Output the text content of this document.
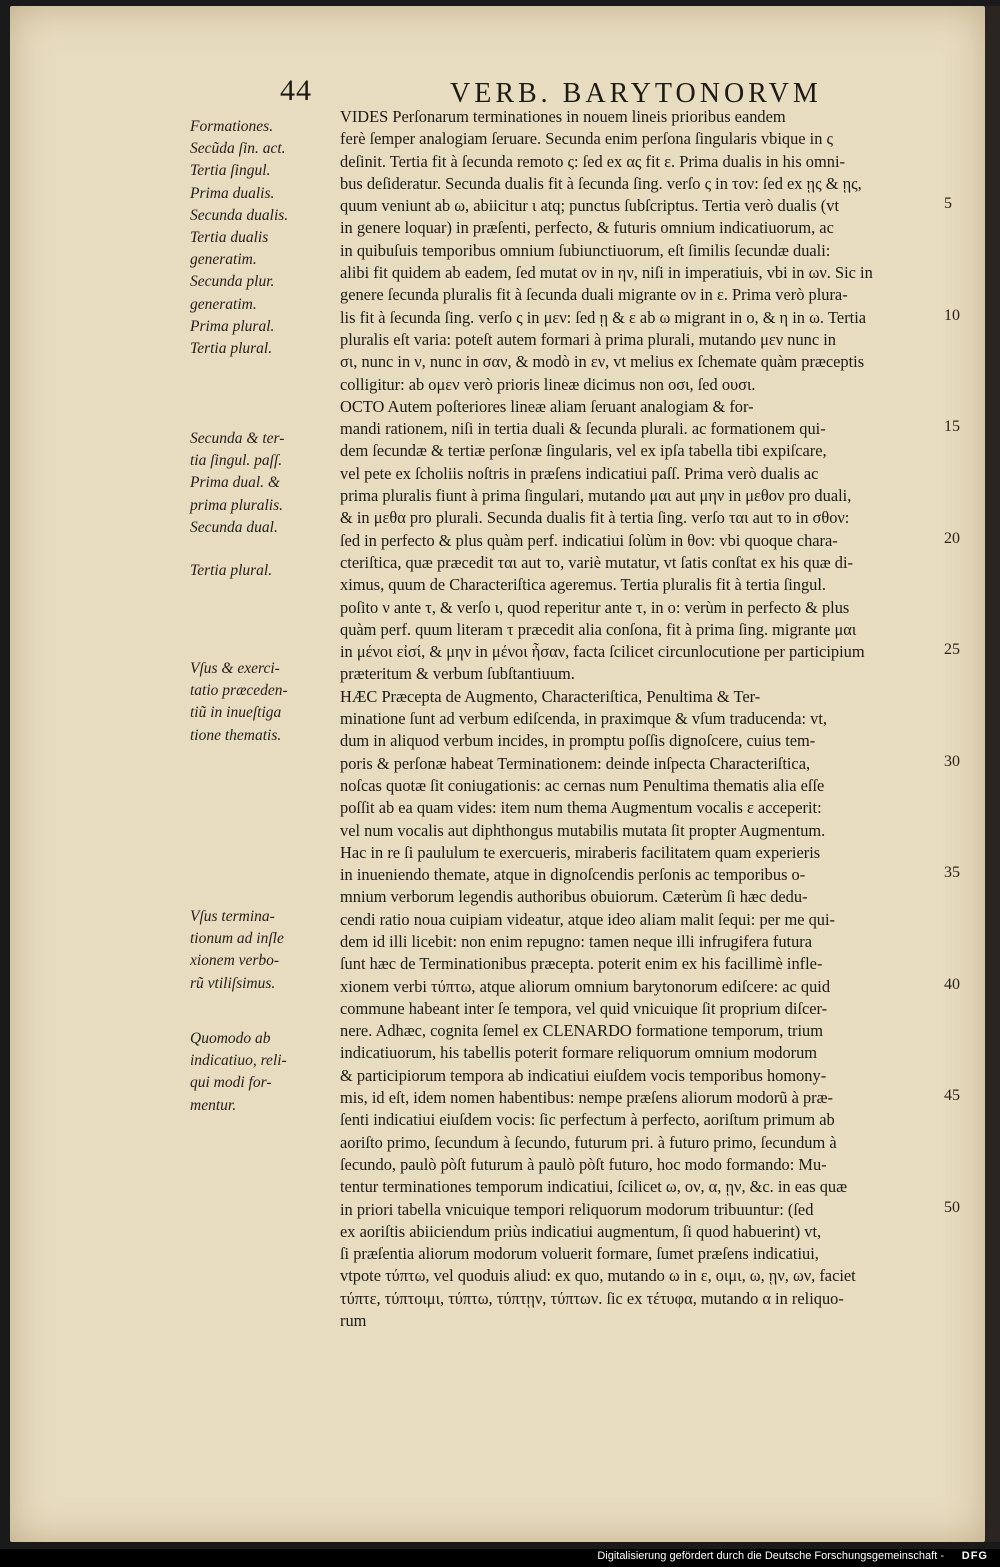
44	VERB. BARYTONORVM
Formationes.
Secũda ſin. act.
Tertia ſingul.
Prima dualis.
Secunda dualis.
Tertia dualis
generatim.
Secunda plur.
generatim.
Prima plural.
Tertia plural.
Secunda & ter-
tia ſingul. paſſ.
Prima dual. &
prima pluralis.
Secunda dual.
Tertia plural.
Vſus & exerci-
tatio præceden-
tiũ in inueſtiga
tione thematis.
Vſus termina-
tionum ad inſle
xionem verbo-
rũ vtiliſsimus.
Quomodo ab
indicatiuo, reli-
qui modi for-
mentur.
VIDES Perſonarum terminationes in nouem lineis prioribus eandem
ferè ſemper analogiam ſeruare. Secunda enim perſona ſingularis vbique in ς
deſinit. Tertia fit à ſecunda remoto ς: ſed ex ας fit ε. Prima dualis in his omni-
bus deſideratur. Secunda dualis fit à ſecunda ſing. verſo ς in τον: ſed ex ῃς & ῃς,
quum veniunt ab ω, abiicitur ι atq; punctus ſubſcriptus. Tertia verò dualis (vt
in genere loquar) in præſenti, perfecto, & futuris omnium indicatiuorum, ac
in quibuſuis temporibus omnium ſubiunctiuorum, eſt ſimilis ſecundæ duali:
alibi fit quidem ab eadem, ſed mutat ον in ην, niſi in imperatiuis, vbi in ων. Sic in
genere ſecunda pluralis fit à ſecunda duali migrante ον in ε. Prima verò plura-
lis fit à ſecunda ſing. verſo ς in μεν: ſed ῃ & ε ab ω migrant in ο, & η in ω. Tertia
pluralis eſt varia: poteſt autem formari à prima plurali, mutando μεν nunc in
σι, nunc in ν, nunc in σαν, & modò in εν, vt melius ex ſchemate quàm præceptis
colligitur: ab ομεν verò prioris lineæ dicimus non οσι, ſed ουσι.
OCTO Autem poſteriores lineæ aliam ſeruant analogiam & for-
mandi rationem, niſi in tertia duali & ſecunda plurali. ac formationem qui-
dem ſecundæ & tertiæ perſonæ ſingularis, vel ex ipſa tabella tibi expiſcare,
vel pete ex ſcholiis noſtris in præſens indicatiui paſſ. Prima verò dualis ac
prima pluralis fiunt à prima ſingulari, mutando μαι aut μην in μεθον pro duali,
& in μεθα pro plurali. Secunda dualis fit à tertia ſing. verſo ται aut το in σθον:
ſed in perfecto & plus quàm perf. indicatiui ſolùm in θον: vbi quoque chara-
cteriſtica, quæ præcedit ται aut το, variè mutatur, vt ſatis conſtat ex his quæ di-
ximus, quum de Characteriſtica ageremus. Tertia pluralis fit à tertia ſingul.
poſito ν ante τ, & verſo ι, quod reperitur ante τ, in ο: verùm in perfecto & plus
quàm perf. quum literam τ præcedit alia conſona, fit à prima ſing. migrante μαι
in μένοι εἰσί, & μην in μένοι ἦσαν, facta ſcilicet circunlocutione per participium
præteritum & verbum ſubſtantiuum.
HÆC Præcepta de Augmento, Characteriſtica, Penultima & Ter-
minatione ſunt ad verbum ediſcenda, in praximque & vſum traducenda: vt,
dum in aliquod verbum incides, in promptu poſſis dignoſcere, cuius tem-
poris & perſonæ habeat Terminationem: deinde inſpecta Characteriſtica,
noſcas quotæ ſit coniugationis: ac cernas num Penultima thematis alia eſſe
poſſit ab ea quam vides: item num thema Augmentum vocalis ε acceperit:
vel num vocalis aut diphthongus mutabilis mutata ſit propter Augmentum.
Hac in re ſi paululum te exercueris, miraberis facilitatem quam experieris
in inueniendo themate, atque in dignoſcendis perſonis ac temporibus o-
mnium verborum legendis authoribus obuiorum. Cæterùm ſi hæc dedu-
cendi ratio noua cuipiam videatur, atque ideo aliam malit ſequi: per me qui-
dem id illi licebit: non enim repugno: tamen neque illi infrugifera futura
ſunt hæc de Terminationibus præcepta. poterit enim ex his facillimè infle-
xionem verbi τύπτω, atque aliorum omnium barytonorum ediſcere: ac quid
commune habeant inter ſe tempora, vel quid vnicuique ſit proprium diſcer-
nere. Adhæc, cognita ſemel ex CLENARDO formatione temporum, trium
indicatiuorum, his tabellis poterit formare reliquorum omnium modorum
& participiorum tempora ab indicatiui eiuſdem vocis temporibus homony-
mis, id eſt, idem nomen habentibus: nempe præſens aliorum modorũ à præ-
ſenti indicatiui eiuſdem vocis: ſic perfectum à perfecto, aoriſtum primum ab
aoriſto primo, ſecundum à ſecundo, futurum pri. à futuro primo, ſecundum à
ſecundo, paulò pòſt futurum à paulò pòſt futuro, hoc modo formando: Mu-
tentur terminationes temporum indicatiui, ſcilicet ω, ον, α, ῃν, &c. in eas quæ
in priori tabella vnicuique tempori reliquorum modorum tribuuntur: (ſed
ex aoriſtis abiiciendum priùs indicatiui augmentum, ſi quod habuerint) vt,
ſi præſentia aliorum modorum voluerit formare, ſumet præſens indicatiui,
vtpote τύπτω, vel quoduis aliud: ex quo, mutando ω in ε, οιμι, ω, ῃν, ων, faciet
τύπτε, τύπτοιμι, τύπτω, τύπτῃν, τύπτων. ſic ex τέτυφα, mutando α in reliquo-
rum
5
10
15
20
25
30
35
40
45
50
Digitalisierung gefördert durch die Deutsche Forschungsgemeinschaft - DFG
